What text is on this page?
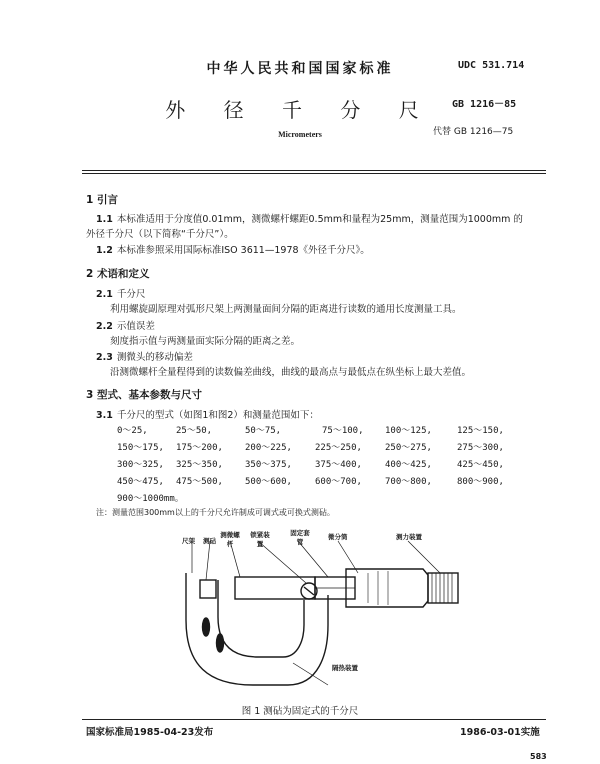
中华人民共和国国家标准	UDC 531.714
GB 1216－85
外 径 千 分 尺
代替 GB 1216—75
Micrometers
1 引言
1.1 本标准适用于分度值0.01mm，测微螺杆螺距0.5mm和量程为25mm，测量范围为1000mm 的
外径千分尺（以下简称“千分尺”）。
1.2 本标准参照采用国际标准ISO 3611—1978《外径千分尺》。
2 术语和定义
2.1 千分尺
利用螺旋副原理对弧形尺架上两测量面间分隔的距离进行读数的通用长度测量工具。
2.2 示值误差
刻度指示值与两测量面实际分隔的距离之差。
2.3 测微头的移动偏差
沿测微螺杆全量程得到的读数偏差曲线，曲线的最高点与最低点在纵坐标上最大差值。
3 型式、基本参数与尺寸
3.1 千分尺的型式（如图1和图2）和测量范围如下：
0～25,	25～50,	50～75,	75～100, 100～125,	125～150,
150～175, 175～200, 200～225,	225～250,	250～275,	275～300,
300～325, 325～350, 350～375,	375～400,	400～425,	425～450,
450～475, 475～500, 500～600,	600～700,	700～800,	800～900,
900～1000mm。
注：测量范围300mm以上的千分尺允许制成可调式或可换式测砧。
尺架 测砧
测微螺杆
锁紧装置
固定套管
微分筒	测力装置
隔热装置
图 1 测砧为固定式的千分尺
国家标准局1985-04-23发布	1986-03-01实施
583
